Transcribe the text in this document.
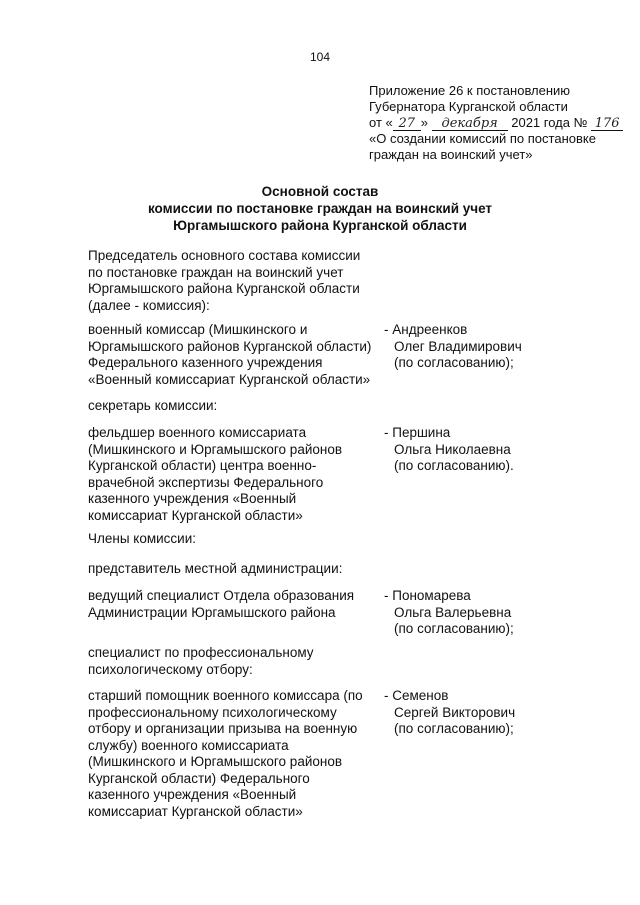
104
Приложение 26 к постановлению
Губернатора Курганской области
от « 27 » декабря 2021 года № 176
«О создании комиссий по постановке
граждан на воинский учет»
Основной состав
комиссии по постановке граждан на воинский учет
Юргамышского района Курганской области
Председатель основного состава комиссии
по постановке граждан на воинский учет
Юргамышского района Курганской области
(далее - комиссия):
военный комиссар (Мишкинского и
Юргамышского районов Курганской области)
Федерального казенного учреждения
«Военный комиссариат Курганской области»
- Андреенков
Олег Владимирович
(по согласованию);
секретарь комиссии:
фельдшер военного комиссариата
(Мишкинского и Юргамышского районов
Курганской области) центра военно-
врачебной экспертизы Федерального
казенного учреждения «Военный
комиссариат Курганской области»
- Першина
Ольга Николаевна
(по согласованию).
Члены комиссии:
представитель местной администрации:
ведущий специалист Отдела образования
Администрации Юргамышского района
- Пономарева
Ольга Валерьевна
(по согласованию);
специалист по профессиональному
психологическому отбору:
старший помощник военного комиссара (по
профессиональному психологическому
отбору и организации призыва на военную
службу) военного комиссариата
(Мишкинского и Юргамышского районов
Курганской области) Федерального
казенного учреждения «Военный
комиссариат Курганской области»
- Семенов
Сергей Викторович
(по согласованию);
